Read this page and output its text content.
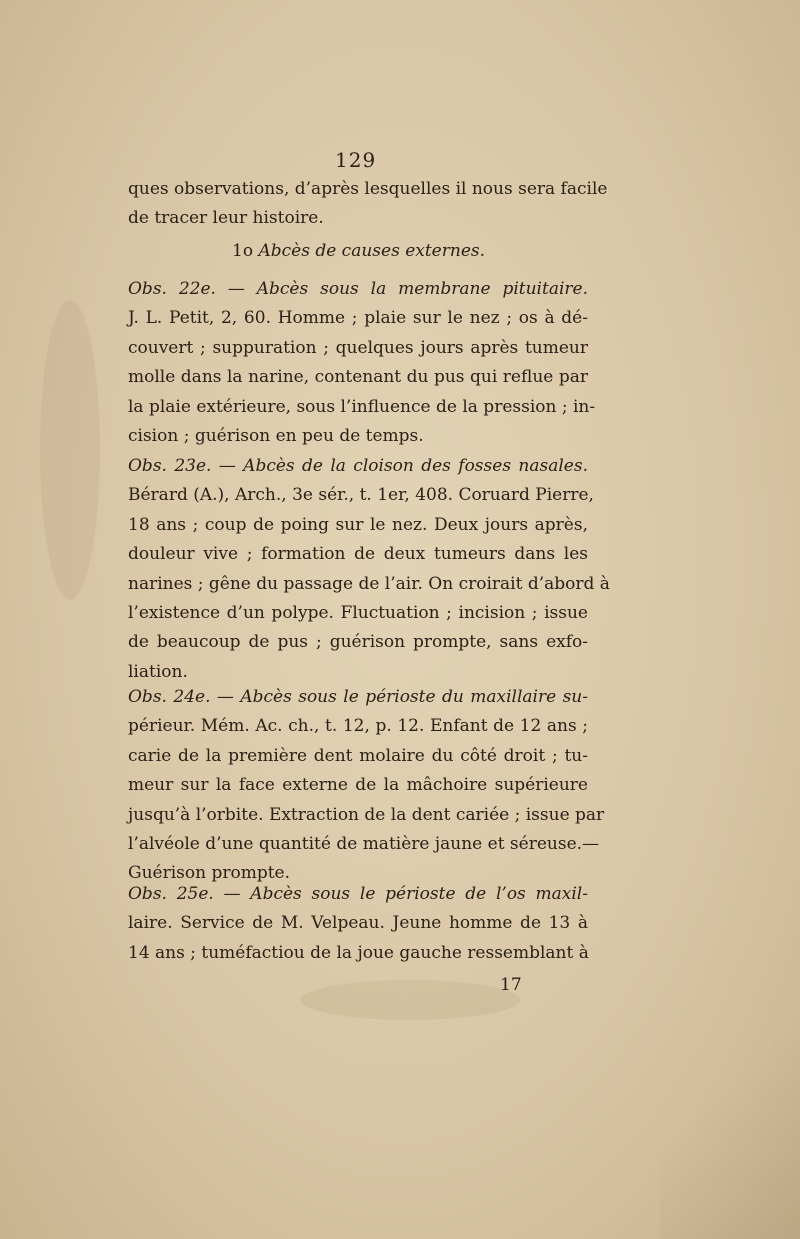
129
ques observations, d’après lesquelles il nous sera facile
de tracer leur histoire.
1o Abcès de causes externes.
Obs. 22e. — Abcès sous la membrane pituitaire.
J. L. Petit, 2, 60. Homme ; plaie sur le nez ; os à dé-
couvert ; suppuration ; quelques jours après tumeur
molle dans la narine, contenant du pus qui reflue par
la plaie extérieure, sous l’influence de la pression ; in-
cision ; guérison en peu de temps.
Obs. 23e. — Abcès de la cloison des fosses nasales.
Bérard (A.), Arch., 3e sér., t. 1er, 408. Coruard Pierre,
18 ans ; coup de poing sur le nez. Deux jours après,
douleur vive ; formation de deux tumeurs dans les
narines ; gêne du passage de l’air. On croirait d’abord à
l’existence d’un polype. Fluctuation ; incision ; issue
de beaucoup de pus ; guérison prompte, sans exfo-
liation.
Obs. 24e. — Abcès sous le périoste du maxillaire su-
périeur. Mém. Ac. ch., t. 12, p. 12. Enfant de 12 ans ;
carie de la première dent molaire du côté droit ; tu-
meur sur la face externe de la mâchoire supérieure
jusqu’à l’orbite. Extraction de la dent cariée ; issue par
l’alvéole d’une quantité de matière jaune et séreuse.—
Guérison prompte.
Obs. 25e. — Abcès sous le périoste de l’os maxil-
laire. Service de M. Velpeau. Jeune homme de 13 à
14 ans ; tuméfactiou de la joue gauche ressemblant à
17
